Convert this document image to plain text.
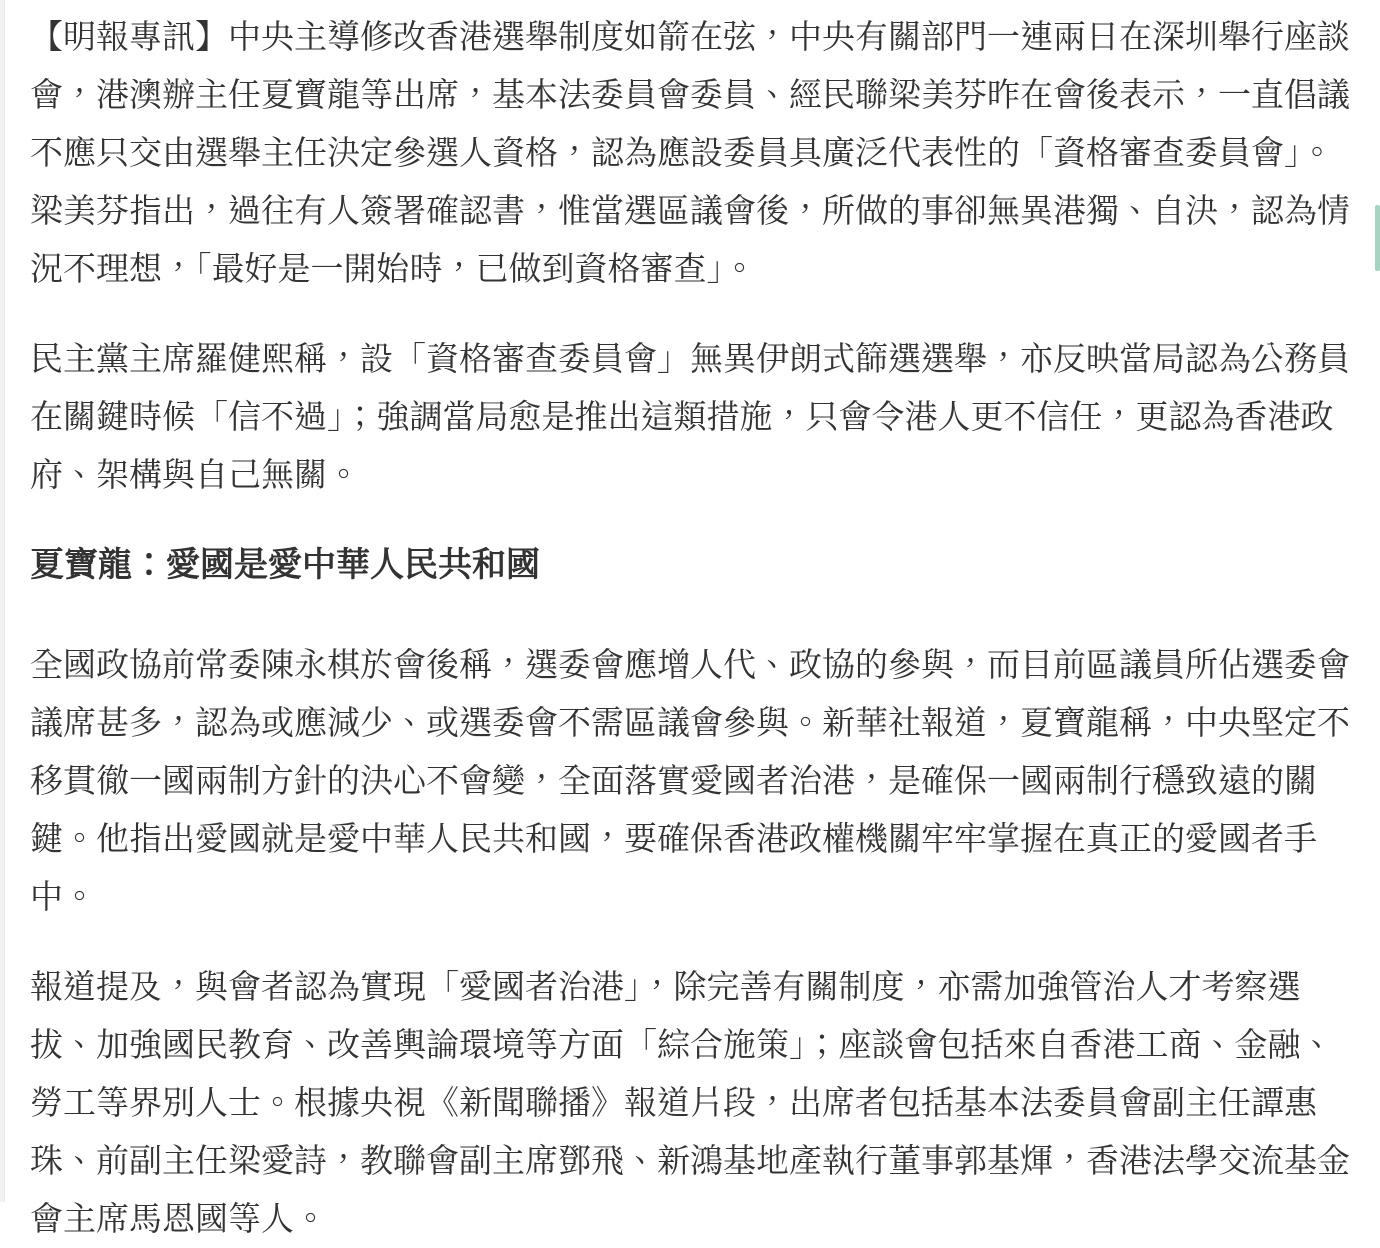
【明報專訊】中央主導修改香港選舉制度如箭在弦，中央有關部門一連兩日在深圳舉行座談會，港澳辦主任夏寶龍等出席，基本法委員會委員、經民聯梁美芬昨在會後表示，一直倡議不應只交由選舉主任決定參選人資格，認為應設委員具廣泛代表性的「資格審查委員會」。梁美芬指出，過往有人簽署確認書，惟當選區議會後，所做的事卻無異港獨、自決，認為情況不理想，「最好是一開始時，已做到資格審查」。

民主黨主席羅健熙稱，設「資格審查委員會」無異伊朗式篩選選舉，亦反映當局認為公務員在關鍵時候「信不過」；強調當局愈是推出這類措施，只會令港人更不信任，更認為香港政府、架構與自己無關。

夏寶龍：愛國是愛中華人民共和國

全國政協前常委陳永棋於會後稱，選委會應增人代、政協的參與，而目前區議員所佔選委會議席甚多，認為或應減少、或選委會不需區議會參與。新華社報道，夏寶龍稱，中央堅定不移貫徹一國兩制方針的決心不會變，全面落實愛國者治港，是確保一國兩制行穩致遠的關鍵。他指出愛國就是愛中華人民共和國，要確保香港政權機關牢牢掌握在真正的愛國者手中。

報道提及，與會者認為實現「愛國者治港」，除完善有關制度，亦需加強管治人才考察選拔、加強國民教育、改善輿論環境等方面「綜合施策」；座談會包括來自香港工商、金融、勞工等界別人士。根據央視《新聞聯播》報道片段，出席者包括基本法委員會副主任譚惠珠、前副主任梁愛詩，教聯會副主席鄧飛、新鴻基地產執行董事郭基煇，香港法學交流基金會主席馬恩國等人。
